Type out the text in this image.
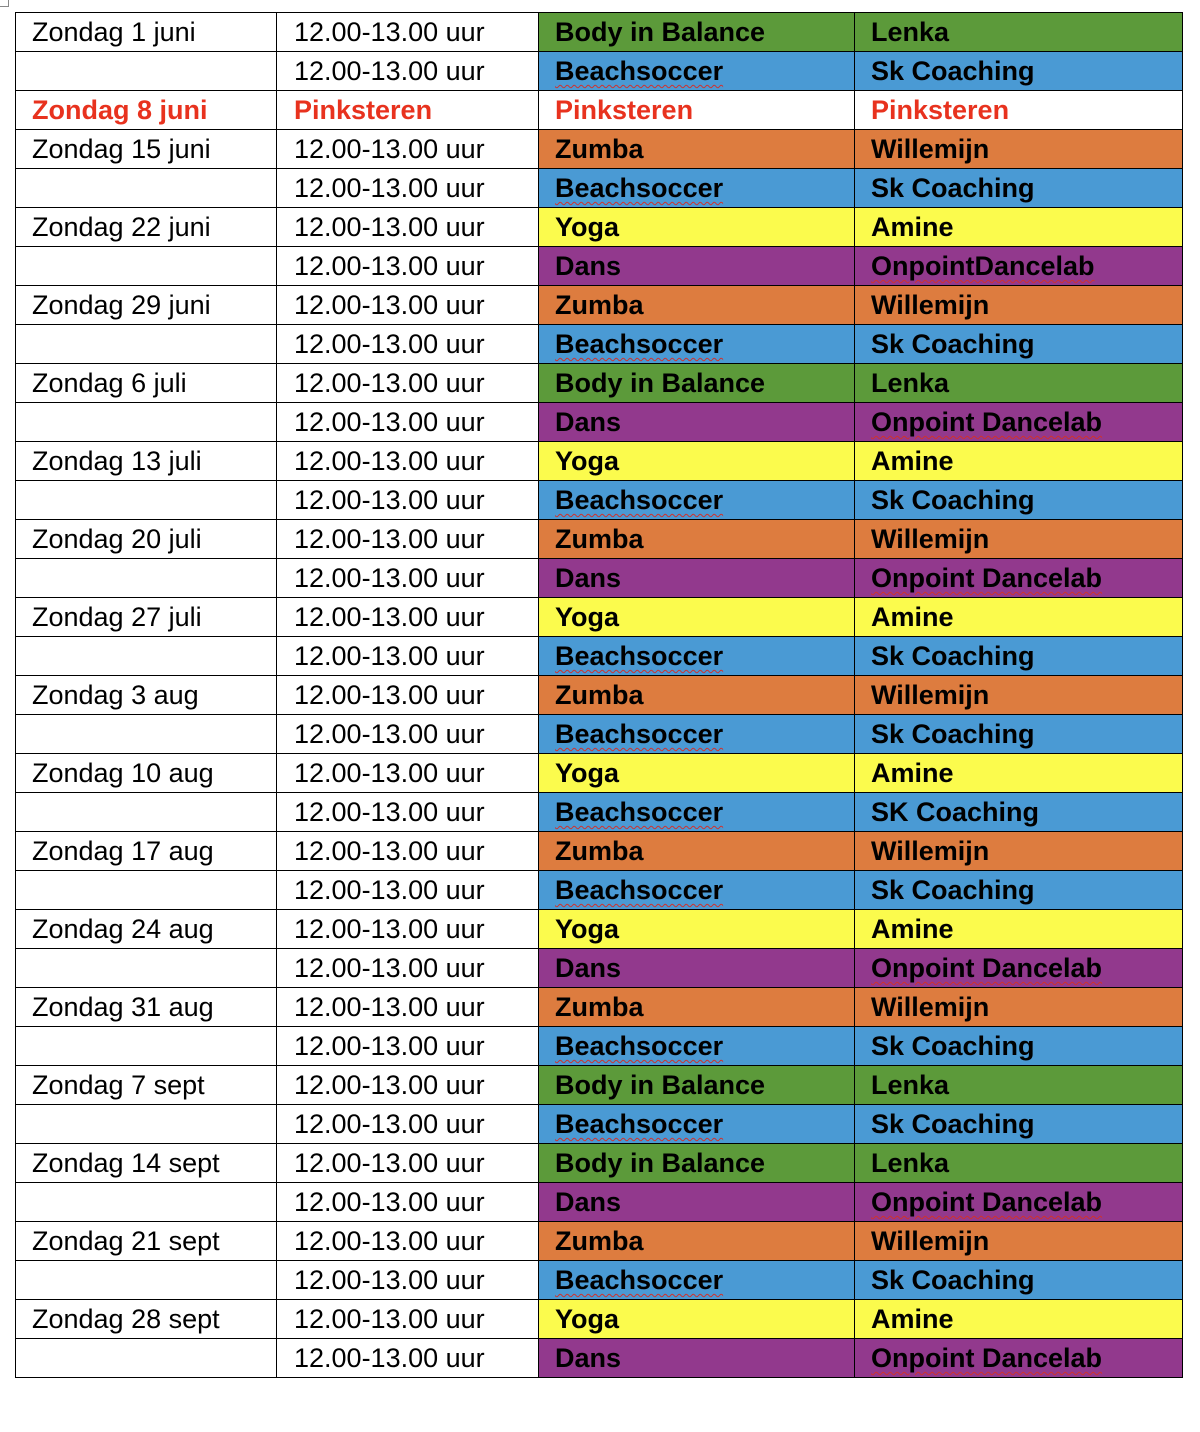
Zondag 1 juni	12.00-13.00 uur	Body in Balance	Lenka
	12.00-13.00 uur	Beachsoccer	Sk Coaching
Zondag 8 juni	Pinksteren	Pinksteren	Pinksteren
Zondag 15 juni	12.00-13.00 uur	Zumba	Willemijn
	12.00-13.00 uur	Beachsoccer	Sk Coaching
Zondag 22 juni	12.00-13.00 uur	Yoga	Amine
	12.00-13.00 uur	Dans	OnpointDancelab
Zondag 29 juni	12.00-13.00 uur	Zumba	Willemijn
	12.00-13.00 uur	Beachsoccer	Sk Coaching
Zondag 6 juli	12.00-13.00 uur	Body in Balance	Lenka
	12.00-13.00 uur	Dans	Onpoint Dancelab
Zondag 13 juli	12.00-13.00 uur	Yoga	Amine
	12.00-13.00 uur	Beachsoccer	Sk Coaching
Zondag 20 juli	12.00-13.00 uur	Zumba	Willemijn
	12.00-13.00 uur	Dans	Onpoint Dancelab
Zondag 27 juli	12.00-13.00 uur	Yoga	Amine
	12.00-13.00 uur	Beachsoccer	Sk Coaching
Zondag 3 aug	12.00-13.00 uur	Zumba	Willemijn
	12.00-13.00 uur	Beachsoccer	Sk Coaching
Zondag 10 aug	12.00-13.00 uur	Yoga	Amine
	12.00-13.00 uur	Beachsoccer	SK Coaching
Zondag 17 aug	12.00-13.00 uur	Zumba	Willemijn
	12.00-13.00 uur	Beachsoccer	Sk Coaching
Zondag 24 aug	12.00-13.00 uur	Yoga	Amine
	12.00-13.00 uur	Dans	Onpoint Dancelab
Zondag 31 aug	12.00-13.00 uur	Zumba	Willemijn
	12.00-13.00 uur	Beachsoccer	Sk Coaching
Zondag 7 sept	12.00-13.00 uur	Body in Balance	Lenka
	12.00-13.00 uur	Beachsoccer	Sk Coaching
Zondag 14 sept	12.00-13.00 uur	Body in Balance	Lenka
	12.00-13.00 uur	Dans	Onpoint Dancelab
Zondag 21 sept	12.00-13.00 uur	Zumba	Willemijn
	12.00-13.00 uur	Beachsoccer	Sk Coaching
Zondag 28 sept	12.00-13.00 uur	Yoga	Amine
	12.00-13.00 uur	Dans	Onpoint Dancelab
